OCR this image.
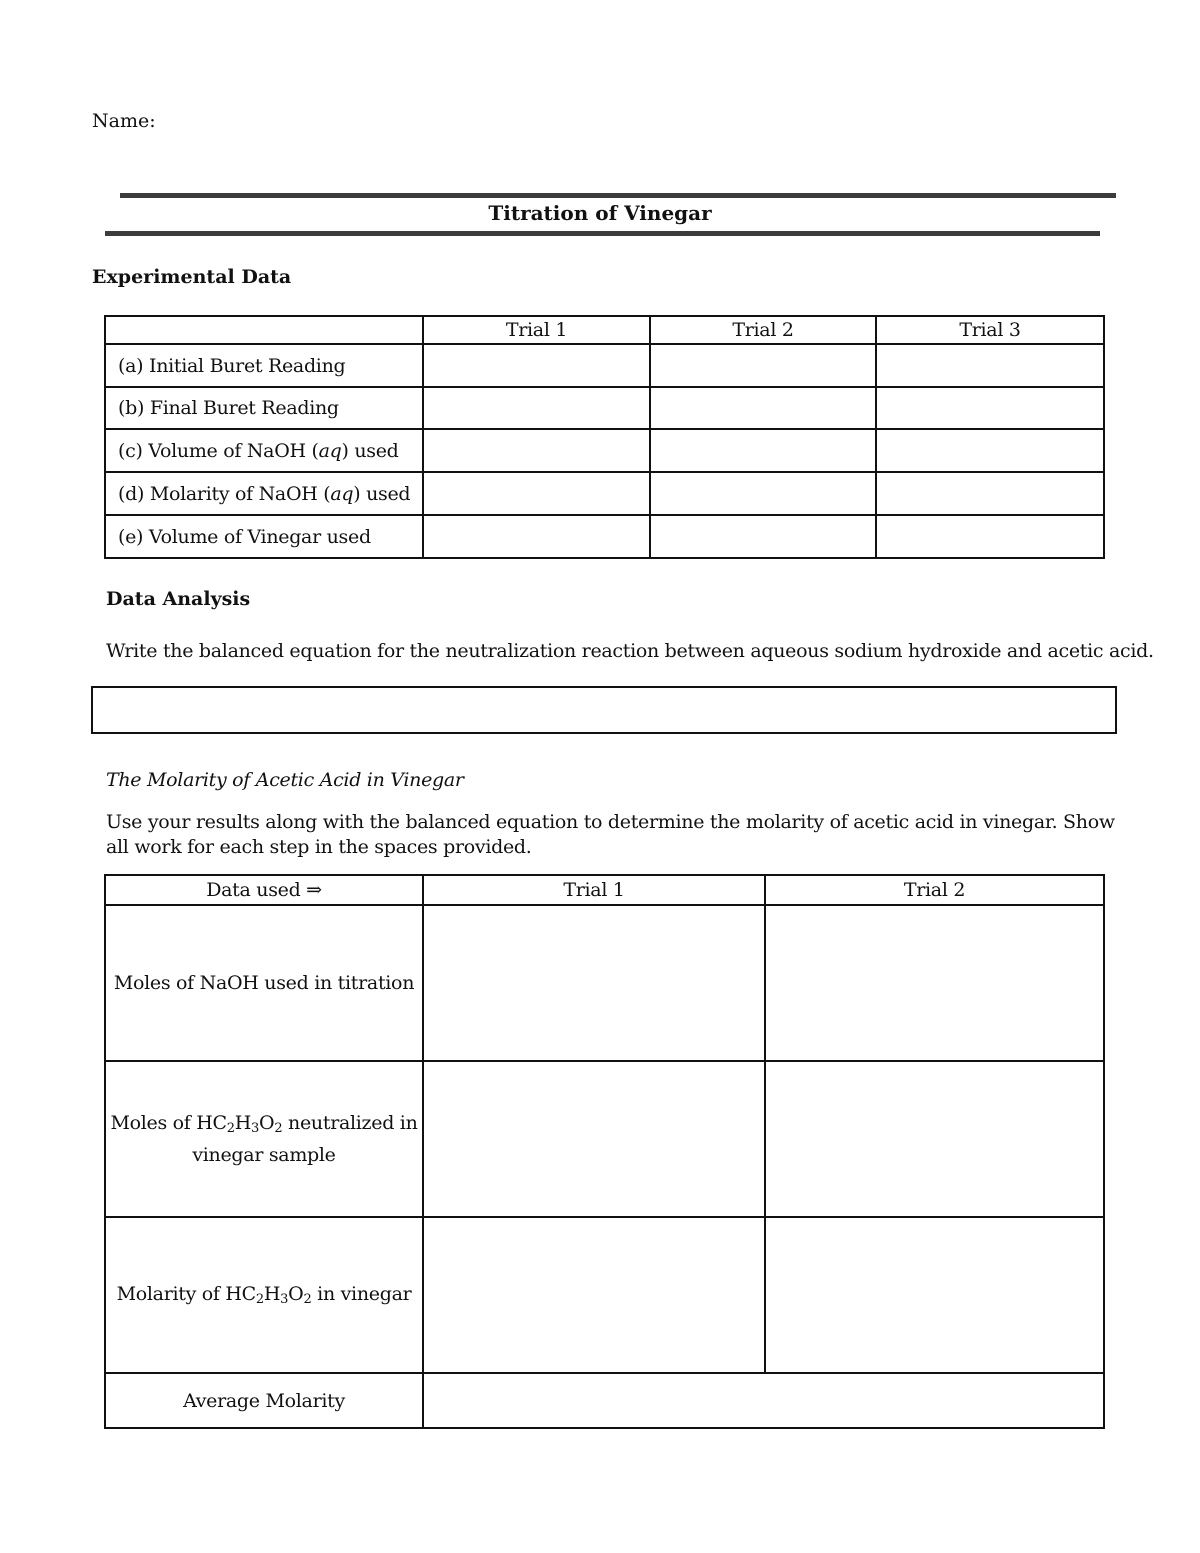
Name:
Titration of Vinegar
Experimental Data
	Trial 1	Trial 2	Trial 3
(a) Initial Buret Reading			
(b) Final Buret Reading			
(c) Volume of NaOH (aq) used			
(d) Molarity of NaOH (aq) used			
(e) Volume of Vinegar used			
Data Analysis
Write the balanced equation for the neutralization reaction between aqueous sodium hydroxide and acetic acid.
The Molarity of Acetic Acid in Vinegar
Use your results along with the balanced equation to determine the molarity of acetic acid in vinegar. Show
all work for each step in the spaces provided.
Data used ⇒	Trial 1	Trial 2
Moles of NaOH used in titration		
Moles of $HC_2H_3O_2$ neutralized in
vinegar sample		
Molarity of $HC_2H_3O_2$ in vinegar		
Average Molarity		
